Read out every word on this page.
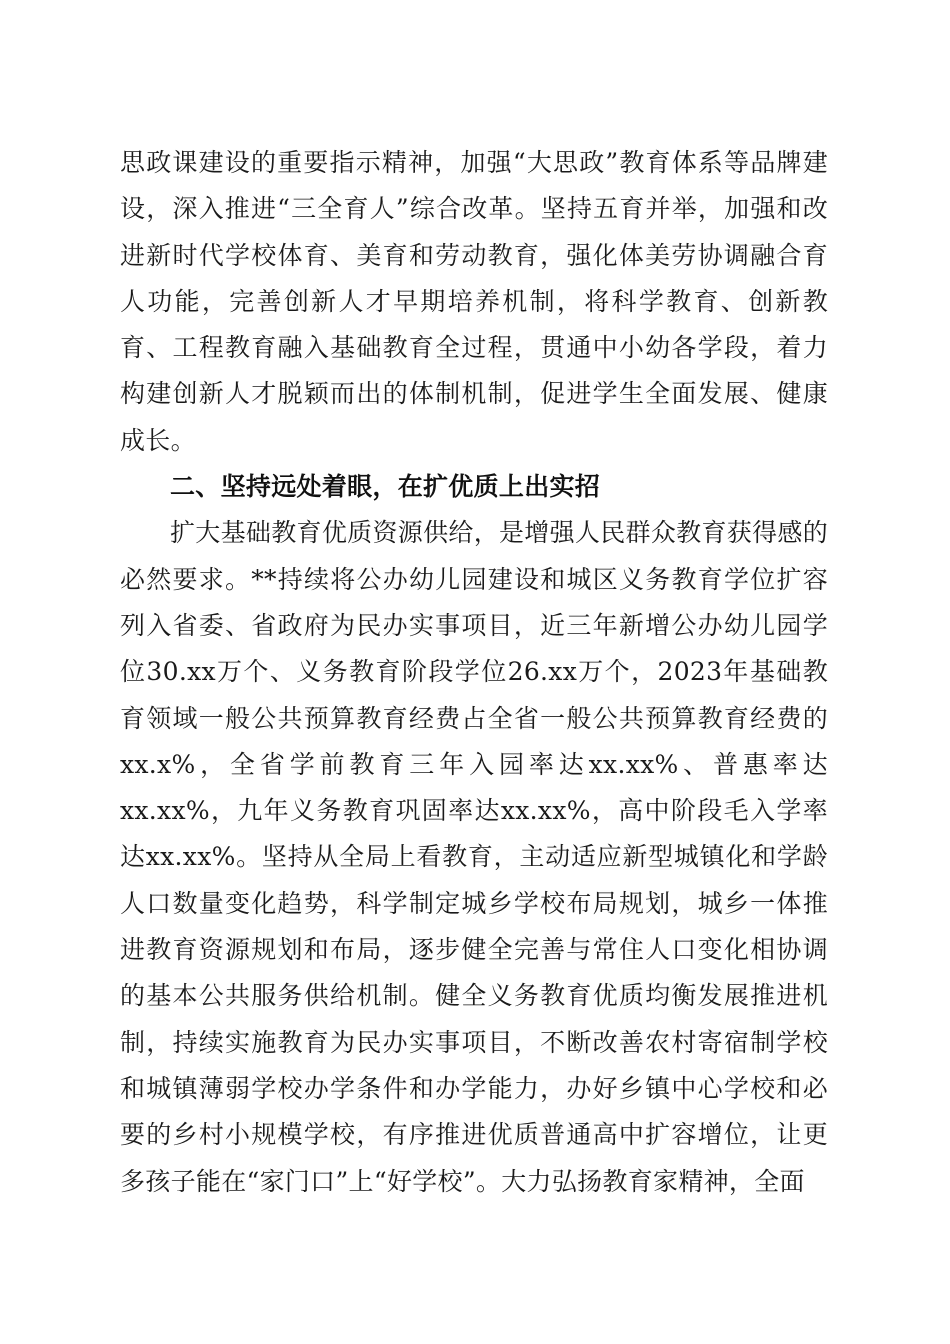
思政课建设的重要指示精神，加强“大思政”教育体系等品牌建设，深入推进“三全育人”综合改革。坚持五育并举，加强和改进新时代学校体育、美育和劳动教育，强化体美劳协调融合育人功能，完善创新人才早期培养机制，将科学教育、创新教育、工程教育融入基础教育全过程，贯通中小幼各学段，着力构建创新人才脱颖而出的体制机制，促进学生全面发展、健康成长。

二、坚持远处着眼，在扩优质上出实招

扩大基础教育优质资源供给，是增强人民群众教育获得感的必然要求。**持续将公办幼儿园建设和城区义务教育学位扩容列入省委、省政府为民办实事项目，近三年新增公办幼儿园学位30.xx万个、义务教育阶段学位26.xx万个，2023年基础教育领域一般公共预算教育经费占全省一般公共预算教育经费的xx.x%，全省学前教育三年入园率达xx.xx%、普惠率达xx.xx%，九年义务教育巩固率达xx.xx%，高中阶段毛入学率达xx.xx%。坚持从全局上看教育，主动适应新型城镇化和学龄人口数量变化趋势，科学制定城乡学校布局规划，城乡一体推进教育资源规划和布局，逐步健全完善与常住人口变化相协调的基本公共服务供给机制。健全义务教育优质均衡发展推进机制，持续实施教育为民办实事项目，不断改善农村寄宿制学校和城镇薄弱学校办学条件和办学能力，办好乡镇中心学校和必要的乡村小规模学校，有序推进优质普通高中扩容增位，让更多孩子能在“家门口”上“好学校”。大力弘扬教育家精神，全面
